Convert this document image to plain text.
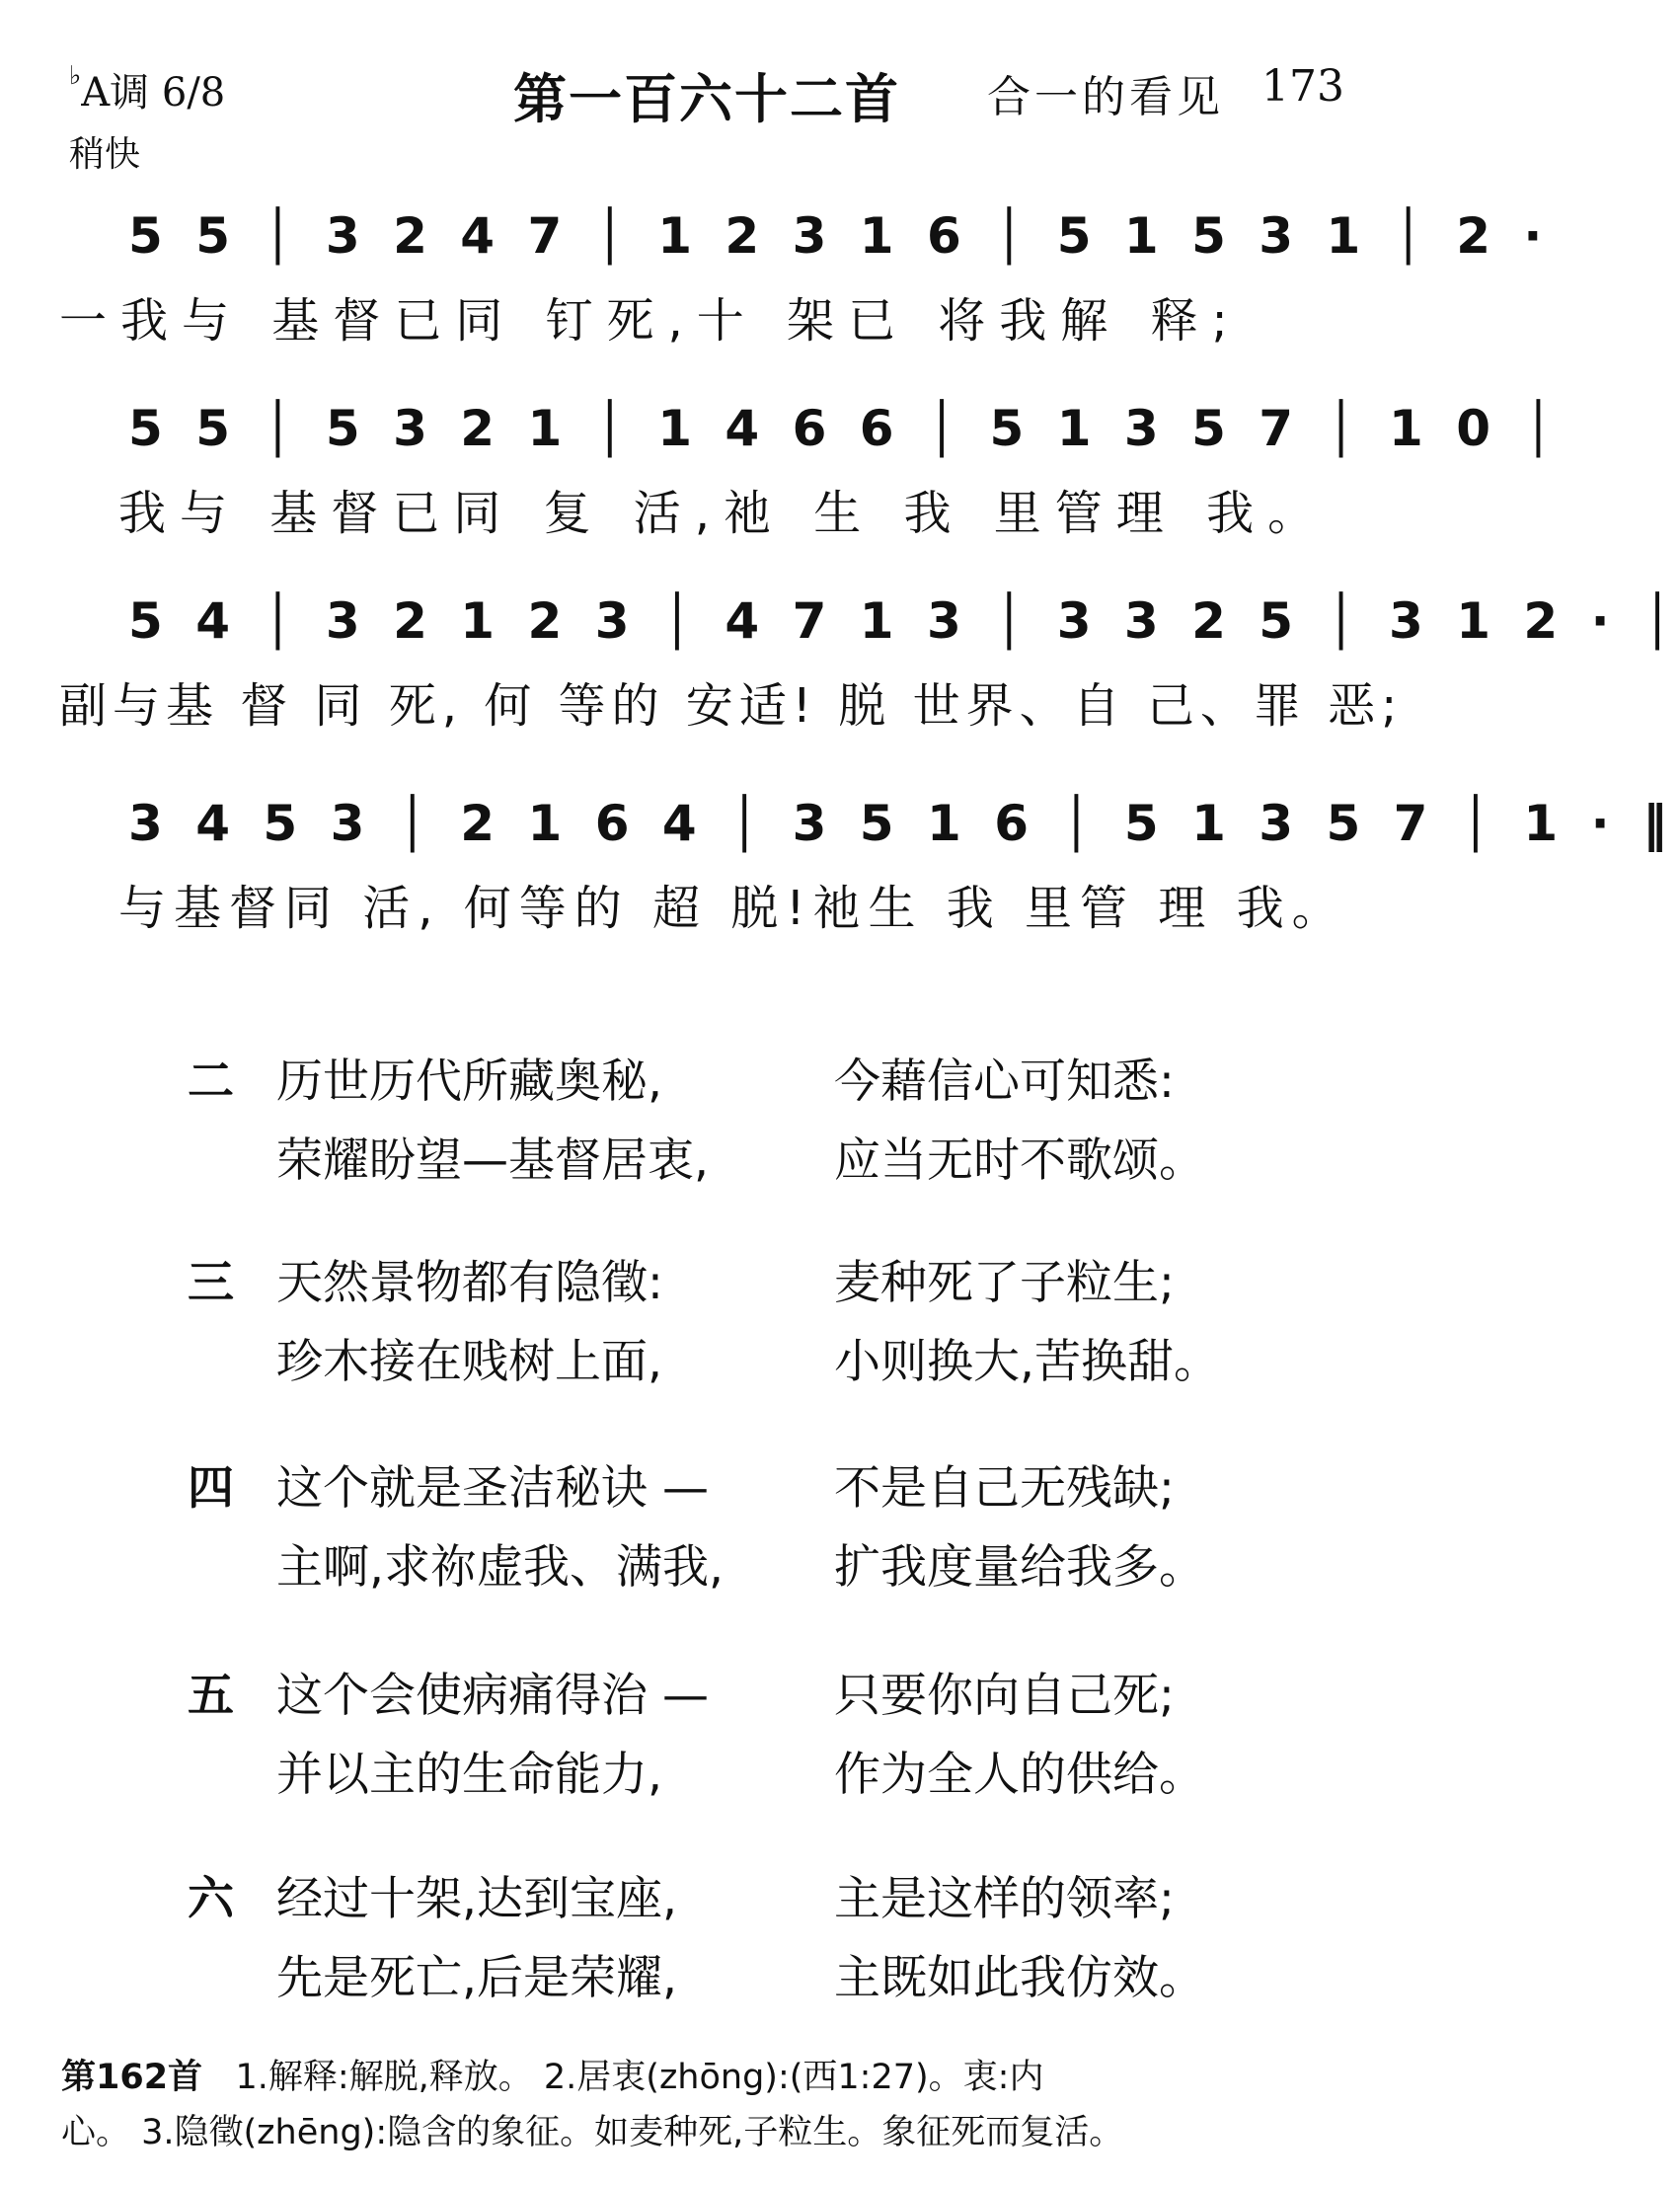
♭A调 6/8
稍快
第一百六十二首 合一的看见 173
5 5 │ 3 2 4 7 │ 1 2 3 1 6 │ 5 1 5 3 1 │ 2 ·
一我与 基督已同 钉死,十 架已 将我解 释;
5 5 │ 5 3 2 1 │ 1 4 6 6 │ 5 1 3 5 7 │ 1 0 │
我与 基督已同 复 活,祂 生 我 里管理 我。
5 4 │ 3 2 1 2 3 │ 4 7 1 3 │ 3 3 2 5 │ 3 1 2 · │
副与基 督 同 死, 何 等的 安适! 脱 世界、自 己、罪 恶;
3 4 5 3 │ 2 1 6 4 │ 3 5 1 6 │ 5 1 3 5 7 │ 1 · ‖
与基督同 活, 何等的 超 脱!祂生 我 里管 理 我。
二 历世历代所藏奥秘,	今藉信心可知悉:
荣耀盼望—基督居衷,	应当无时不歌颂。
三 天然景物都有隐徵:	麦种死了子粒生;
珍木接在贱树上面,	小则换大,苦换甜。
四 这个就是圣洁秘诀 —	不是自己无残缺;
主啊,求祢虚我、满我, 扩我度量给我多。
五 这个会使病痛得治 —	只要你向自己死;
并以主的生命能力,	作为全人的供给。
六 经过十架,达到宝座,	主是这样的领率;
先是死亡,后是荣耀,	主既如此我仿效。
第162首 1.解释:解脱,释放。 2.居衷(zhōng):(西1:27)。衷:内
心。 3.隐徵(zhēng):隐含的象征。如麦种死,子粒生。象征死而复活。
